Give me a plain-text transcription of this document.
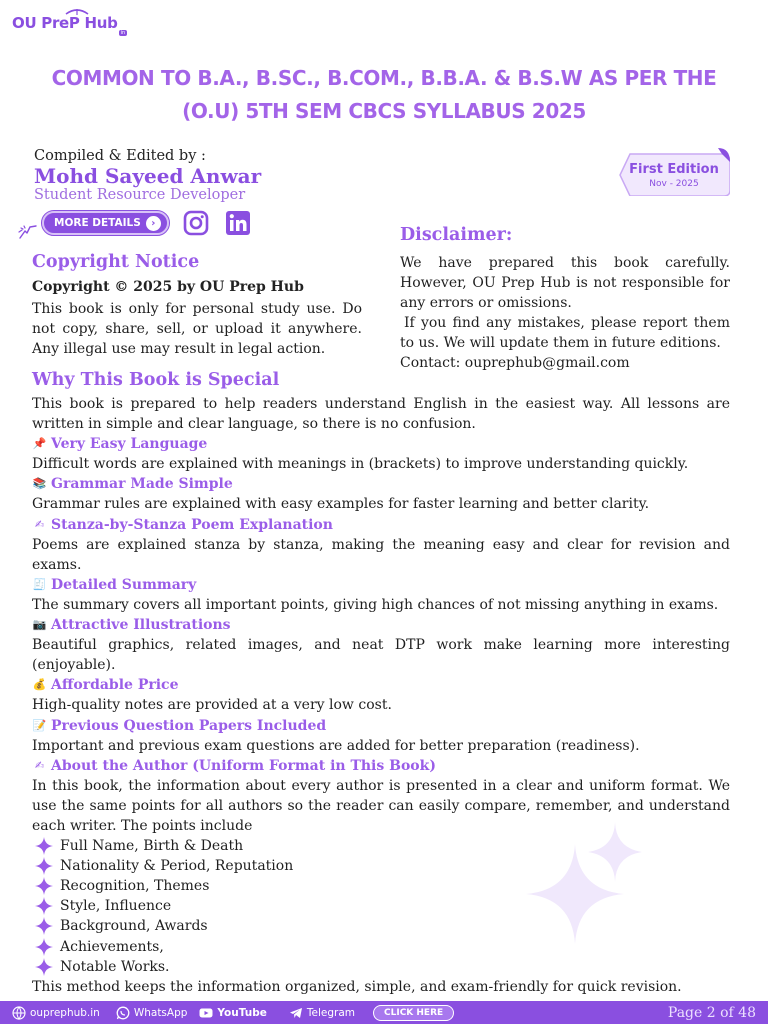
OU PreP Hub
in
COMMON TO B.A., B.SC., B.COM., B.B.A. & B.S.W AS PER THE (O.U) 5TH SEM CBCS SYLLABUS 2025
Compiled & Edited by :
Mohd Sayeed Anwar
Student Resource Developer
MORE DETAILS	›
First Edition
Nov - 2025
Copyright Notice
Copyright © 2025 by OU Prep Hub
This book is only for personal study use. Do not copy, share, sell, or upload it anywhere. Any illegal use may result in legal action.
Disclaimer:

We have prepared this book carefully. However, OU Prep Hub is not responsible for any errors or omissions.

If you find any mistakes, please report them to us. We will update them in future editions.

Contact: ouprephub@gmail.com

Why This Book is Special
This book is prepared to help readers understand English in the easiest way. All lessons are written in simple and clear language, so there is no confusion.
📌 Very Easy Language
Difficult words are explained with meanings in (brackets) to improve understanding quickly.
📚 Grammar Made Simple
Grammar rules are explained with easy examples for faster learning and better clarity.
✍ Stanza-by-Stanza Poem Explanation
Poems are explained stanza by stanza, making the meaning easy and clear for revision and exams.
🧾 Detailed Summary
The summary covers all important points, giving high chances of not missing anything in exams.
📷 Attractive Illustrations
Beautiful graphics, related images, and neat DTP work make learning more interesting (enjoyable).
💰 Affordable Price
High-quality notes are provided at a very low cost.
📝 Previous Question Papers Included
Important and previous exam questions are added for better preparation (readiness).
✍ About the Author (Uniform Format in This Book)
In this book, the information about every author is presented in a clear and uniform format. We use the same points for all authors so the reader can easily compare, remember, and understand each writer. The points include
Full Name, Birth & Death
Nationality & Period, Reputation
Recognition, Themes
Style, Influence
Background, Awards
Achievements,
Notable Works.
This method keeps the information organized, simple, and exam-friendly for quick revision.
ouprephub.in	WhatsApp	YouTube	Telegram	CLICK HERE	Page 2 of 48
